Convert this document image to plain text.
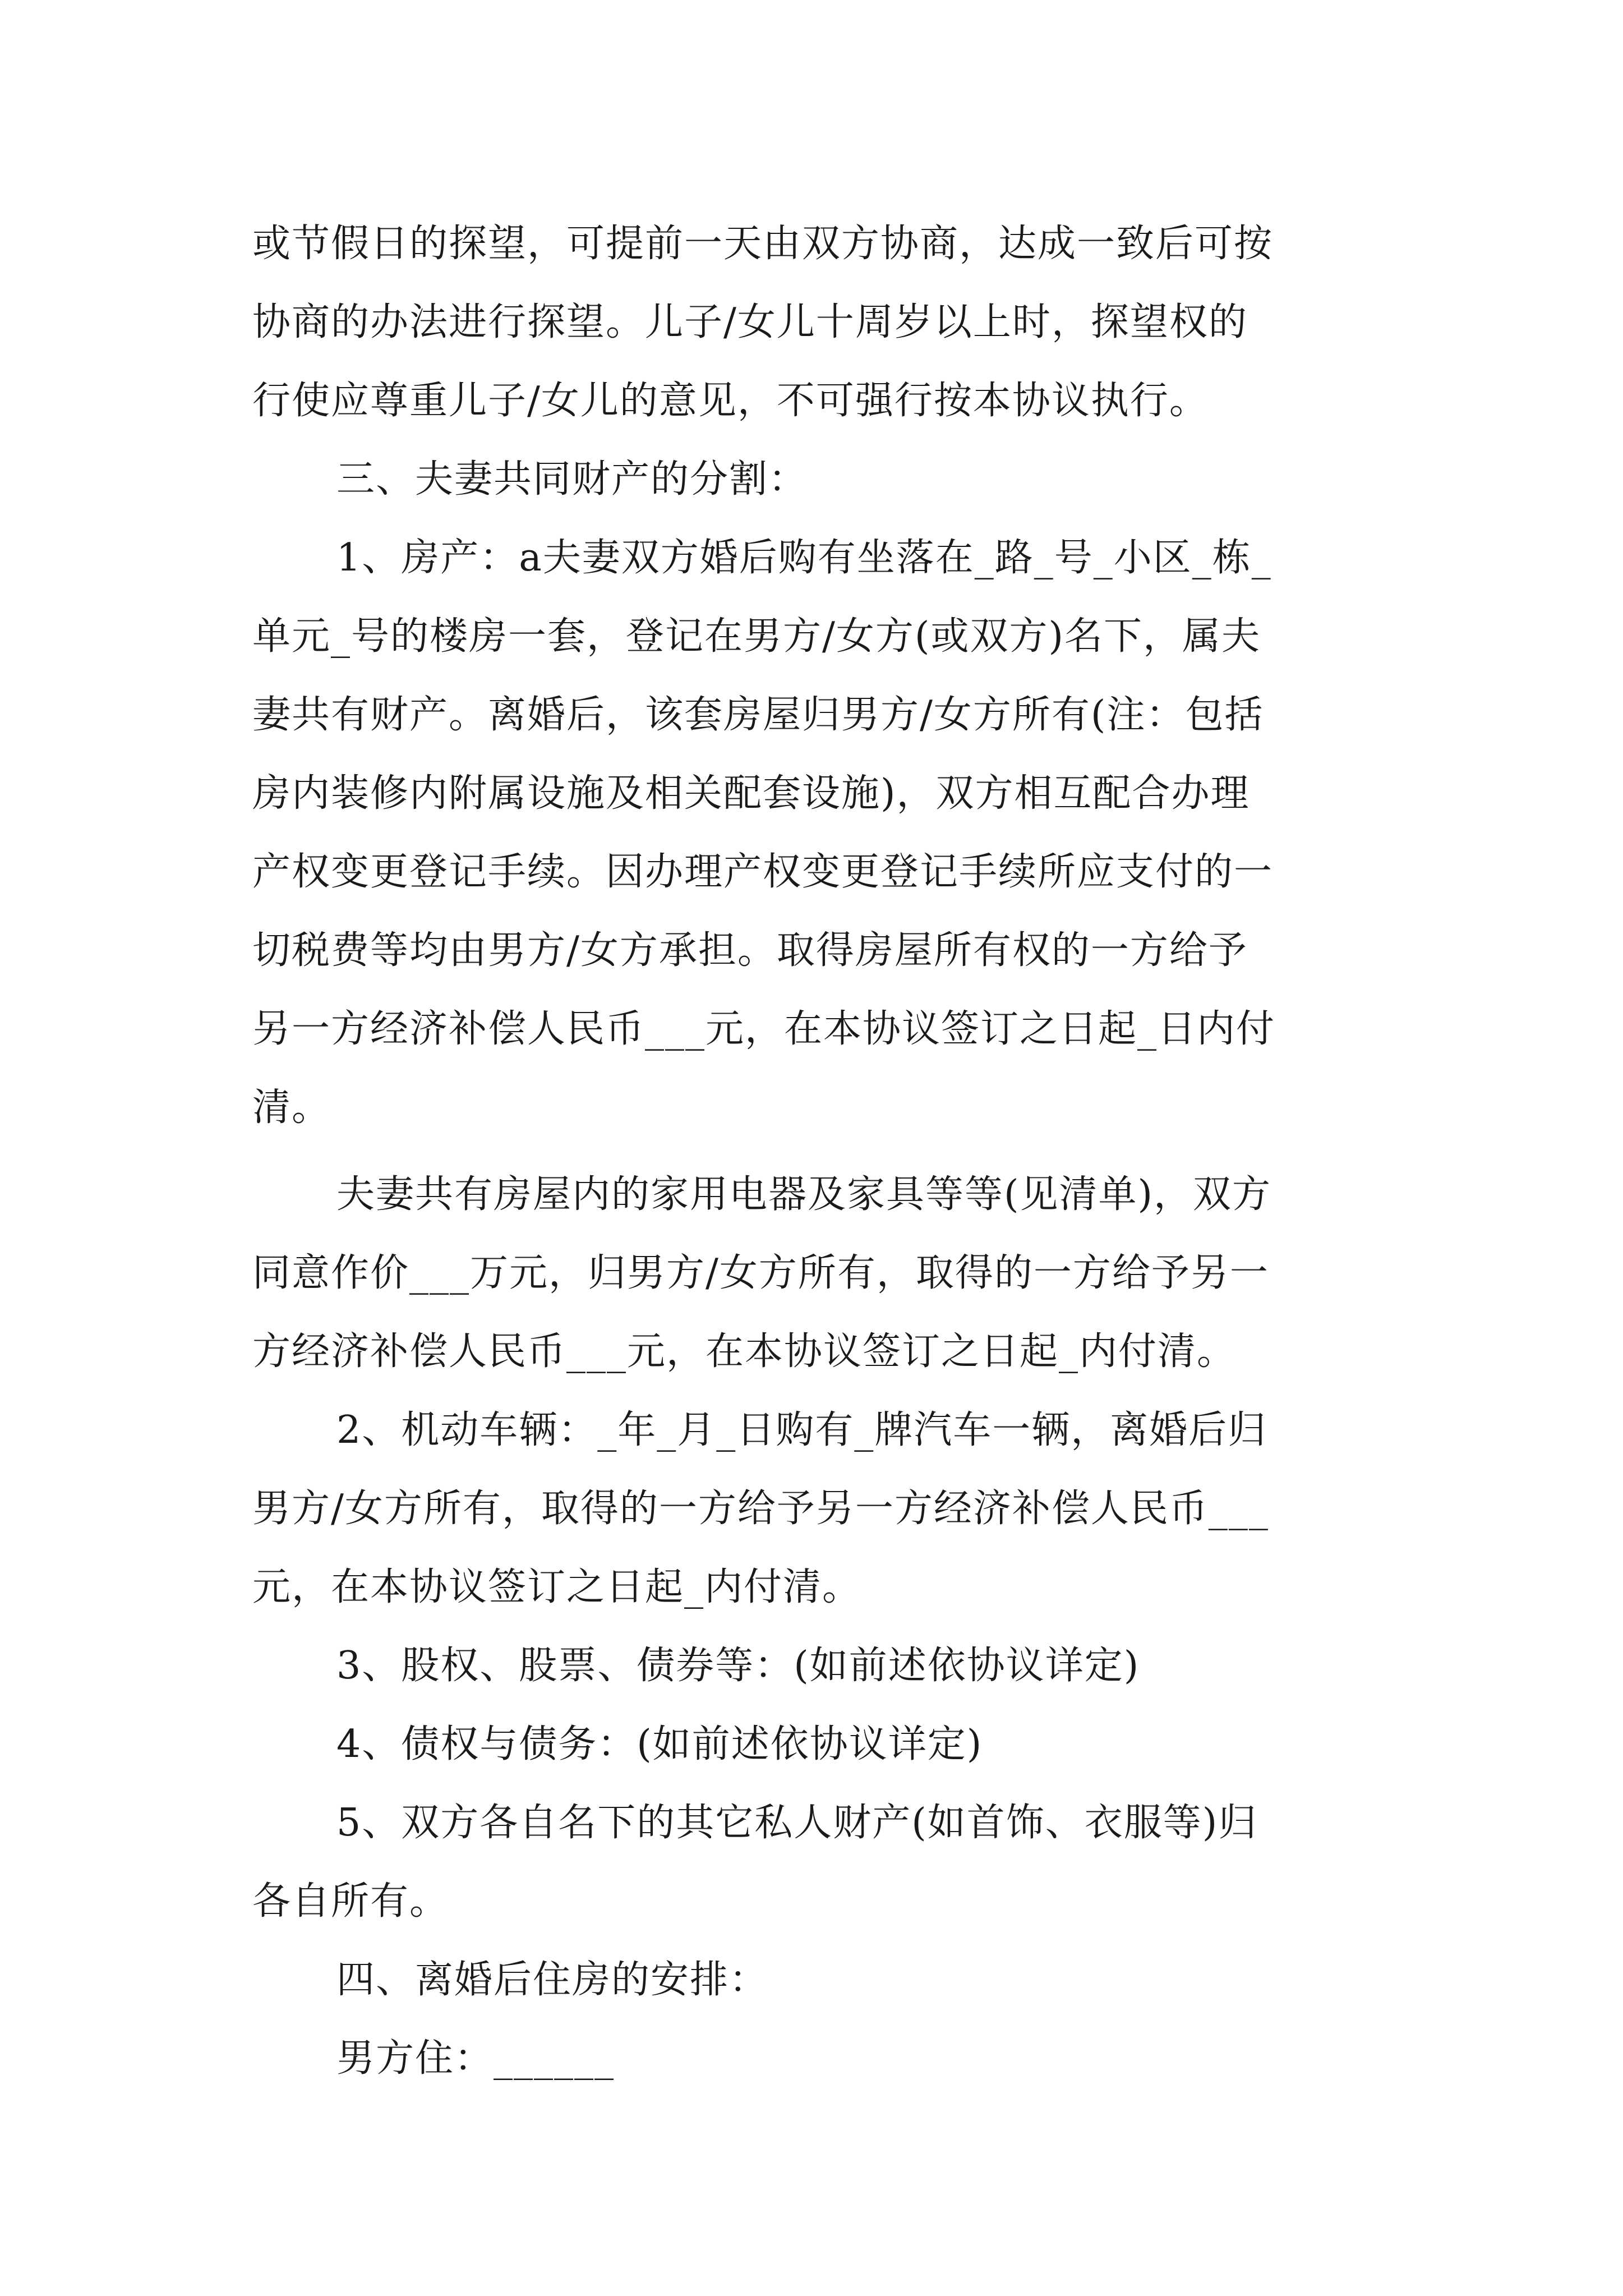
或节假日的探望，可提前一天由双方协商，达成一致后可按
协商的办法进行探望。儿子/女儿十周岁以上时，探望权的
行使应尊重儿子/女儿的意见，不可强行按本协议执行。
三、夫妻共同财产的分割：
1、房产：a夫妻双方婚后购有坐落在_路_号_小区_栋_
单元_号的楼房一套，登记在男方/女方(或双方)名下，属夫
妻共有财产。离婚后，该套房屋归男方/女方所有(注：包括
房内装修内附属设施及相关配套设施)，双方相互配合办理
产权变更登记手续。因办理产权变更登记手续所应支付的一
切税费等均由男方/女方承担。取得房屋所有权的一方给予
另一方经济补偿人民币___元，在本协议签订之日起_日内付
清。
夫妻共有房屋内的家用电器及家具等等(见清单)，双方
同意作价___万元，归男方/女方所有，取得的一方给予另一
方经济补偿人民币___元，在本协议签订之日起_内付清。
2、机动车辆：_年_月_日购有_牌汽车一辆，离婚后归
男方/女方所有，取得的一方给予另一方经济补偿人民币___
元，在本协议签订之日起_内付清。
3、股权、股票、债券等：(如前述依协议详定)
4、债权与债务：(如前述依协议详定)
5、双方各自名下的其它私人财产(如首饰、衣服等)归
各自所有。
四、离婚后住房的安排：
男方住：______
